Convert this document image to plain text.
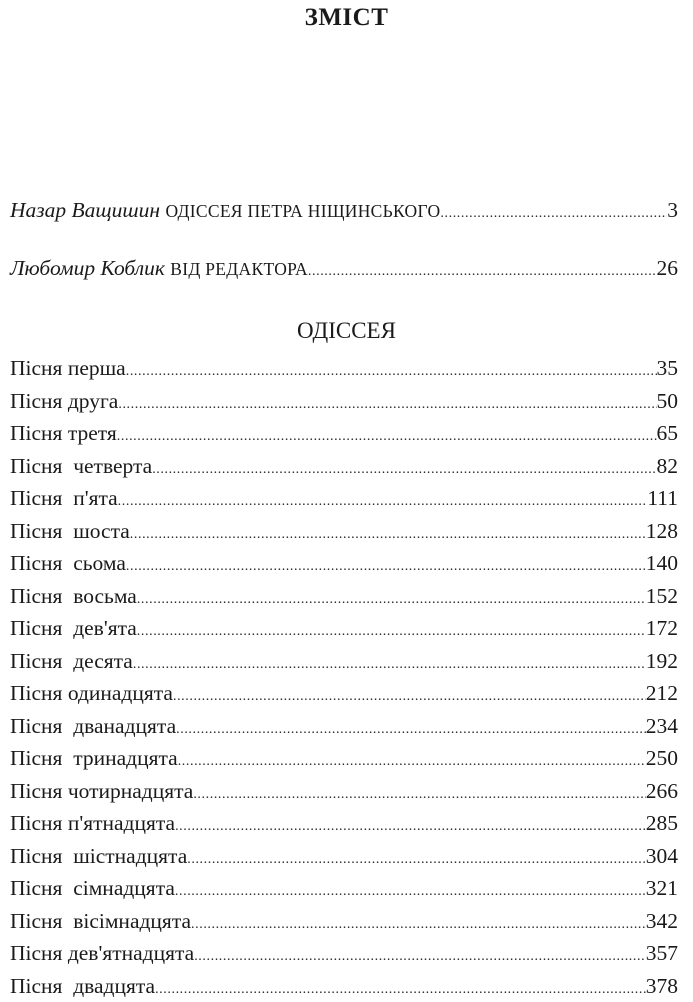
ЗМІСТ
Назар Ващишин ОДІССЕЯ ПЕТРА НІЩИНСЬКОГО .....	3
Любомир Коблик ВІД РЕДАКТОРА .....	26
ОДІССЕЯ
Пісня перша .....	35
Пісня друга .....	50
Пісня третя .....	65
Пісня  четверта .....	82
Пісня  п'ята .....	111
Пісня  шоста .....	128
Пісня  сьома .....	140
Пісня  восьма .....	152
Пісня  дев'ята .....	172
Пісня  десята .....	192
Пісня одинадцята .....	212
Пісня  дванадцята .....	234
Пісня  тринадцята .....	250
Пісня чотирнадцята .....	266
Пісня п'ятнадцята .....	285
Пісня  шістнадцята .....	304
Пісня  сімнадцята .....	321
Пісня  вісімнадцята .....	342
Пісня дев'ятнадцята .....	357
Пісня  двадцята .....	378
